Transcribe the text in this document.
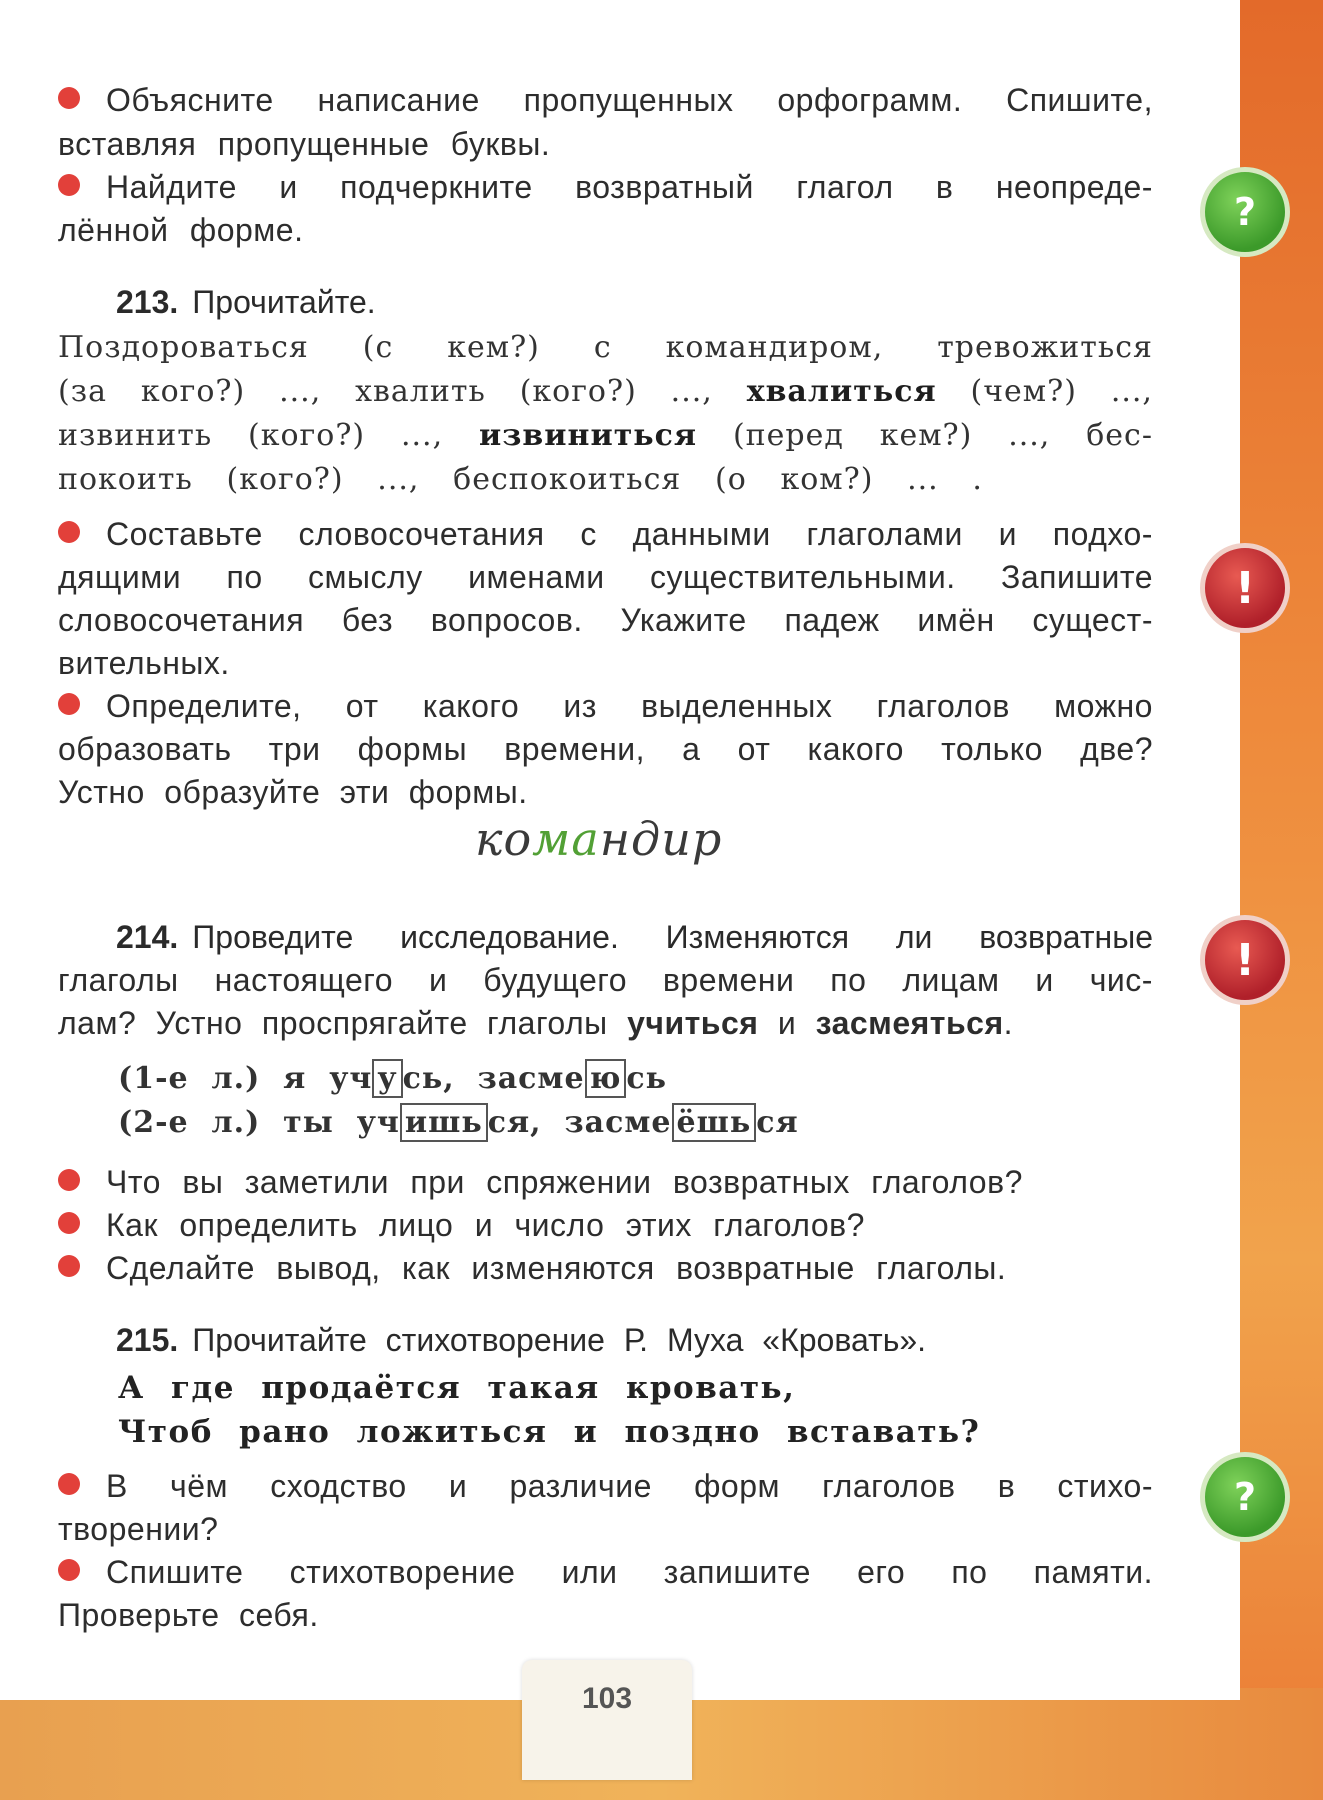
Объясните написание пропущенных орфограмм. Спишите,
вставляя пропущенные буквы.
Найдите и подчеркните возвратный глагол в неопреде-
лённой форме.
213. Прочитайте.
Поздороваться (с кем?) с командиром, тревожиться
(за кого?) ..., хвалить (кого?) ..., хвалиться (чем?) ...,
извинить (кого?) ..., извиниться (перед кем?) ..., бес-
покоить (кого?) ..., беспокоиться (о ком?) ... .
Составьте словосочетания с данными глаголами и подхо-
дящими по смыслу именами существительными. Запишите
словосочетания без вопросов. Укажите падеж имён сущест-
вительных.
Определите, от какого из выделенных глаголов можно
образовать три формы времени, а от какого только две?
Устно образуйте эти формы.
командир
214. Проведите исследование. Изменяются ли возвратные
глаголы настоящего и будущего времени по лицам и чис-
лам? Устно проспрягайте глаголы учиться и засмеяться.
(1-е  л.)  я  уч у сь,  засме ю сь
(2-е  л.)  ты  уч ишь ся,  засме ёшь ся
Что вы заметили при спряжении возвратных глаголов?
Как определить лицо и число этих глаголов?
Сделайте вывод, как изменяются возвратные глаголы.
215. Прочитайте стихотворение Р. Муха «Кровать».
А где продаётся такая кровать,
Чтоб рано ложиться и поздно вставать?
В чём сходство и различие форм глаголов в стихо-
творении?
Спишите стихотворение или запишите его по памяти.
Проверьте себя.
?
!
!
?
103
